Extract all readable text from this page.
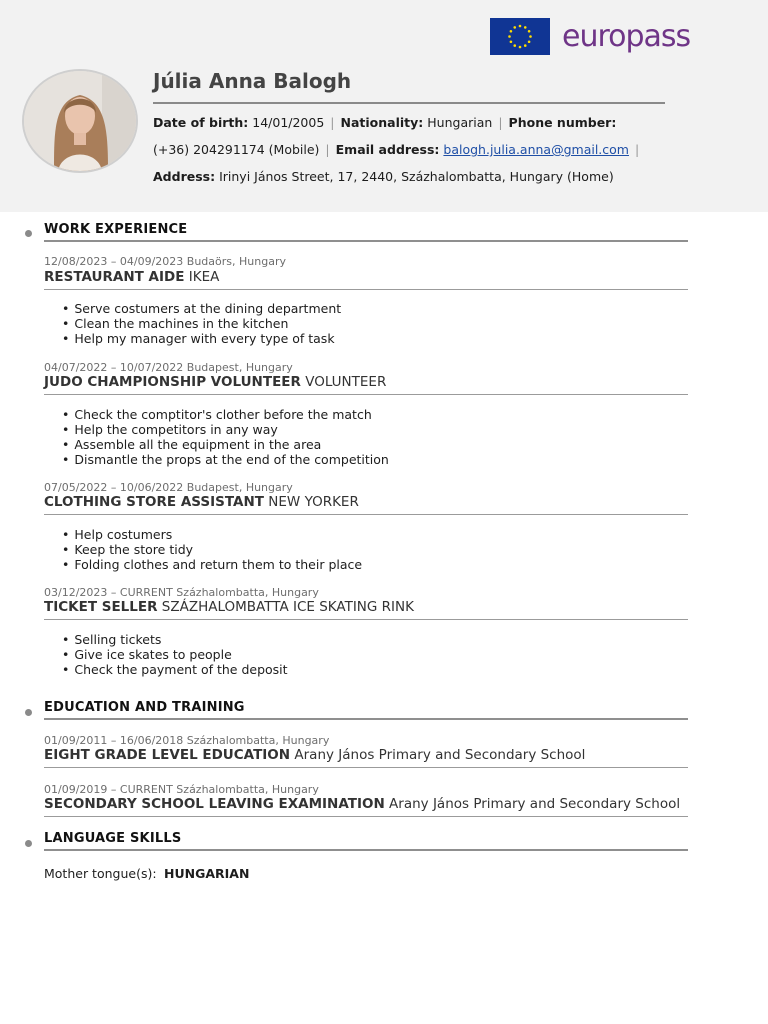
europass
Júlia Anna Balogh
Date of birth: 14/01/2005 | Nationality: Hungarian | Phone number:
(+36) 204291174 (Mobile) | Email address: balogh.julia.anna@gmail.com |
Address: Irinyi János Street, 17, 2440, Százhalombatta, Hungary (Home)
WORK EXPERIENCE
12/08/2023 – 04/09/2023 Budaörs, Hungary
RESTAURANT AIDE IKEA
• Serve costumers at the dining department
• Clean the machines in the kitchen
• Help my manager with every type of task
04/07/2022 – 10/07/2022 Budapest, Hungary
JUDO CHAMPIONSHIP VOLUNTEER VOLUNTEER
• Check the comptitor's clother before the match
• Help the competitors in any way
• Assemble all the equipment in the area
• Dismantle the props at the end of the competition
07/05/2022 – 10/06/2022 Budapest, Hungary
CLOTHING STORE ASSISTANT NEW YORKER
• Help costumers
• Keep the store tidy
• Folding clothes and return them to their place
03/12/2023 – CURRENT Százhalombatta, Hungary
TICKET SELLER SZÁZHALOMBATTA ICE SKATING RINK
• Selling tickets
• Give ice skates to people
• Check the payment of the deposit
EDUCATION AND TRAINING
01/09/2011 – 16/06/2018 Százhalombatta, Hungary
EIGHT GRADE LEVEL EDUCATION Arany János Primary and Secondary School
01/09/2019 – CURRENT Százhalombatta, Hungary
SECONDARY SCHOOL LEAVING EXAMINATION Arany János Primary and Secondary School
LANGUAGE SKILLS
Mother tongue(s): HUNGARIAN
